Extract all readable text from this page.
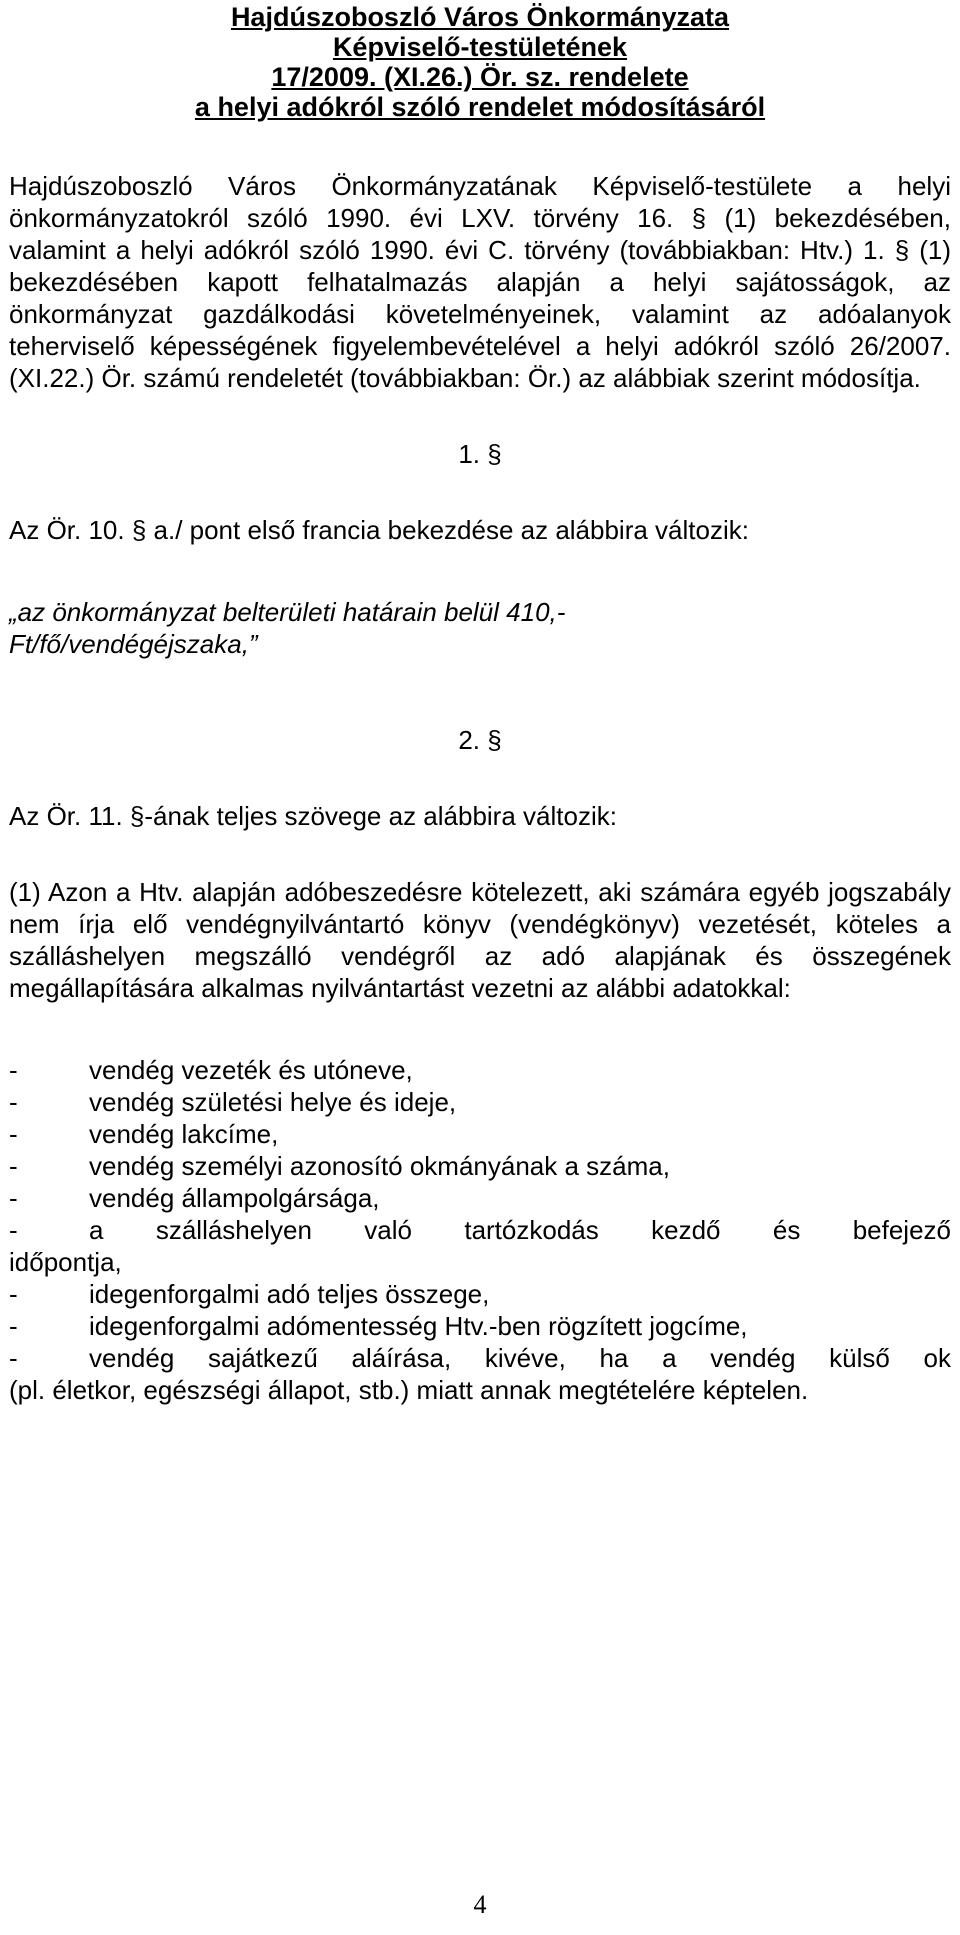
Hajdúszoboszló Város Önkormányzata
Képviselő-testületének
17/2009. (XI.26.) Ör. sz. rendelete
a helyi adókról szóló rendelet módosításáról
Hajdúszoboszló Város Önkormányzatának Képviselő-testülete a helyi önkormányzatokról szóló 1990. évi LXV. törvény 16. § (1) bekezdésében, valamint a helyi adókról szóló 1990. évi C. törvény (továbbiakban: Htv.) 1. § (1) bekezdésében kapott felhatalmazás alapján a helyi sajátosságok, az önkormányzat gazdálkodási követelményeinek, valamint az adóalanyok teherviselő képességének figyelembevételével a helyi adókról szóló 26/2007. (XI.22.) Ör. számú rendeletét (továbbiakban: Ör.) az alábbiak szerint módosítja.
1. §
Az Ör. 10. § a./ pont első francia bekezdése az alábbira változik:
„az önkormányzat belterületi határain belül 410,-Ft/fő/vendégéjszaka,”
2. §
Az Ör. 11. §-ának teljes szövege az alábbira változik:
(1) Azon a Htv. alapján adóbeszedésre kötelezett, aki számára egyéb jogszabály nem írja elő vendégnyilvántartó könyv (vendégkönyv) vezetését, köteles a szálláshelyen megszálló vendégről az adó alapjának és összegének megállapítására alkalmas nyilvántartást vezetni az alábbi adatokkal:
-	vendég vezeték és utóneve,
-	vendég születési helye és ideje,
-	vendég lakcíme,
-	vendég személyi azonosító okmányának a száma,
-	vendég állampolgársága,
-	a szálláshelyen való tartózkodás kezdő és befejező
időpontja,
-	idegenforgalmi adó teljes összege,
-	idegenforgalmi adómentesség Htv.-ben rögzített jogcíme,
-	vendég sajátkezű aláírása, kivéve, ha a vendég külső ok
(pl. életkor, egészségi állapot, stb.) miatt annak megtételére képtelen.
4
